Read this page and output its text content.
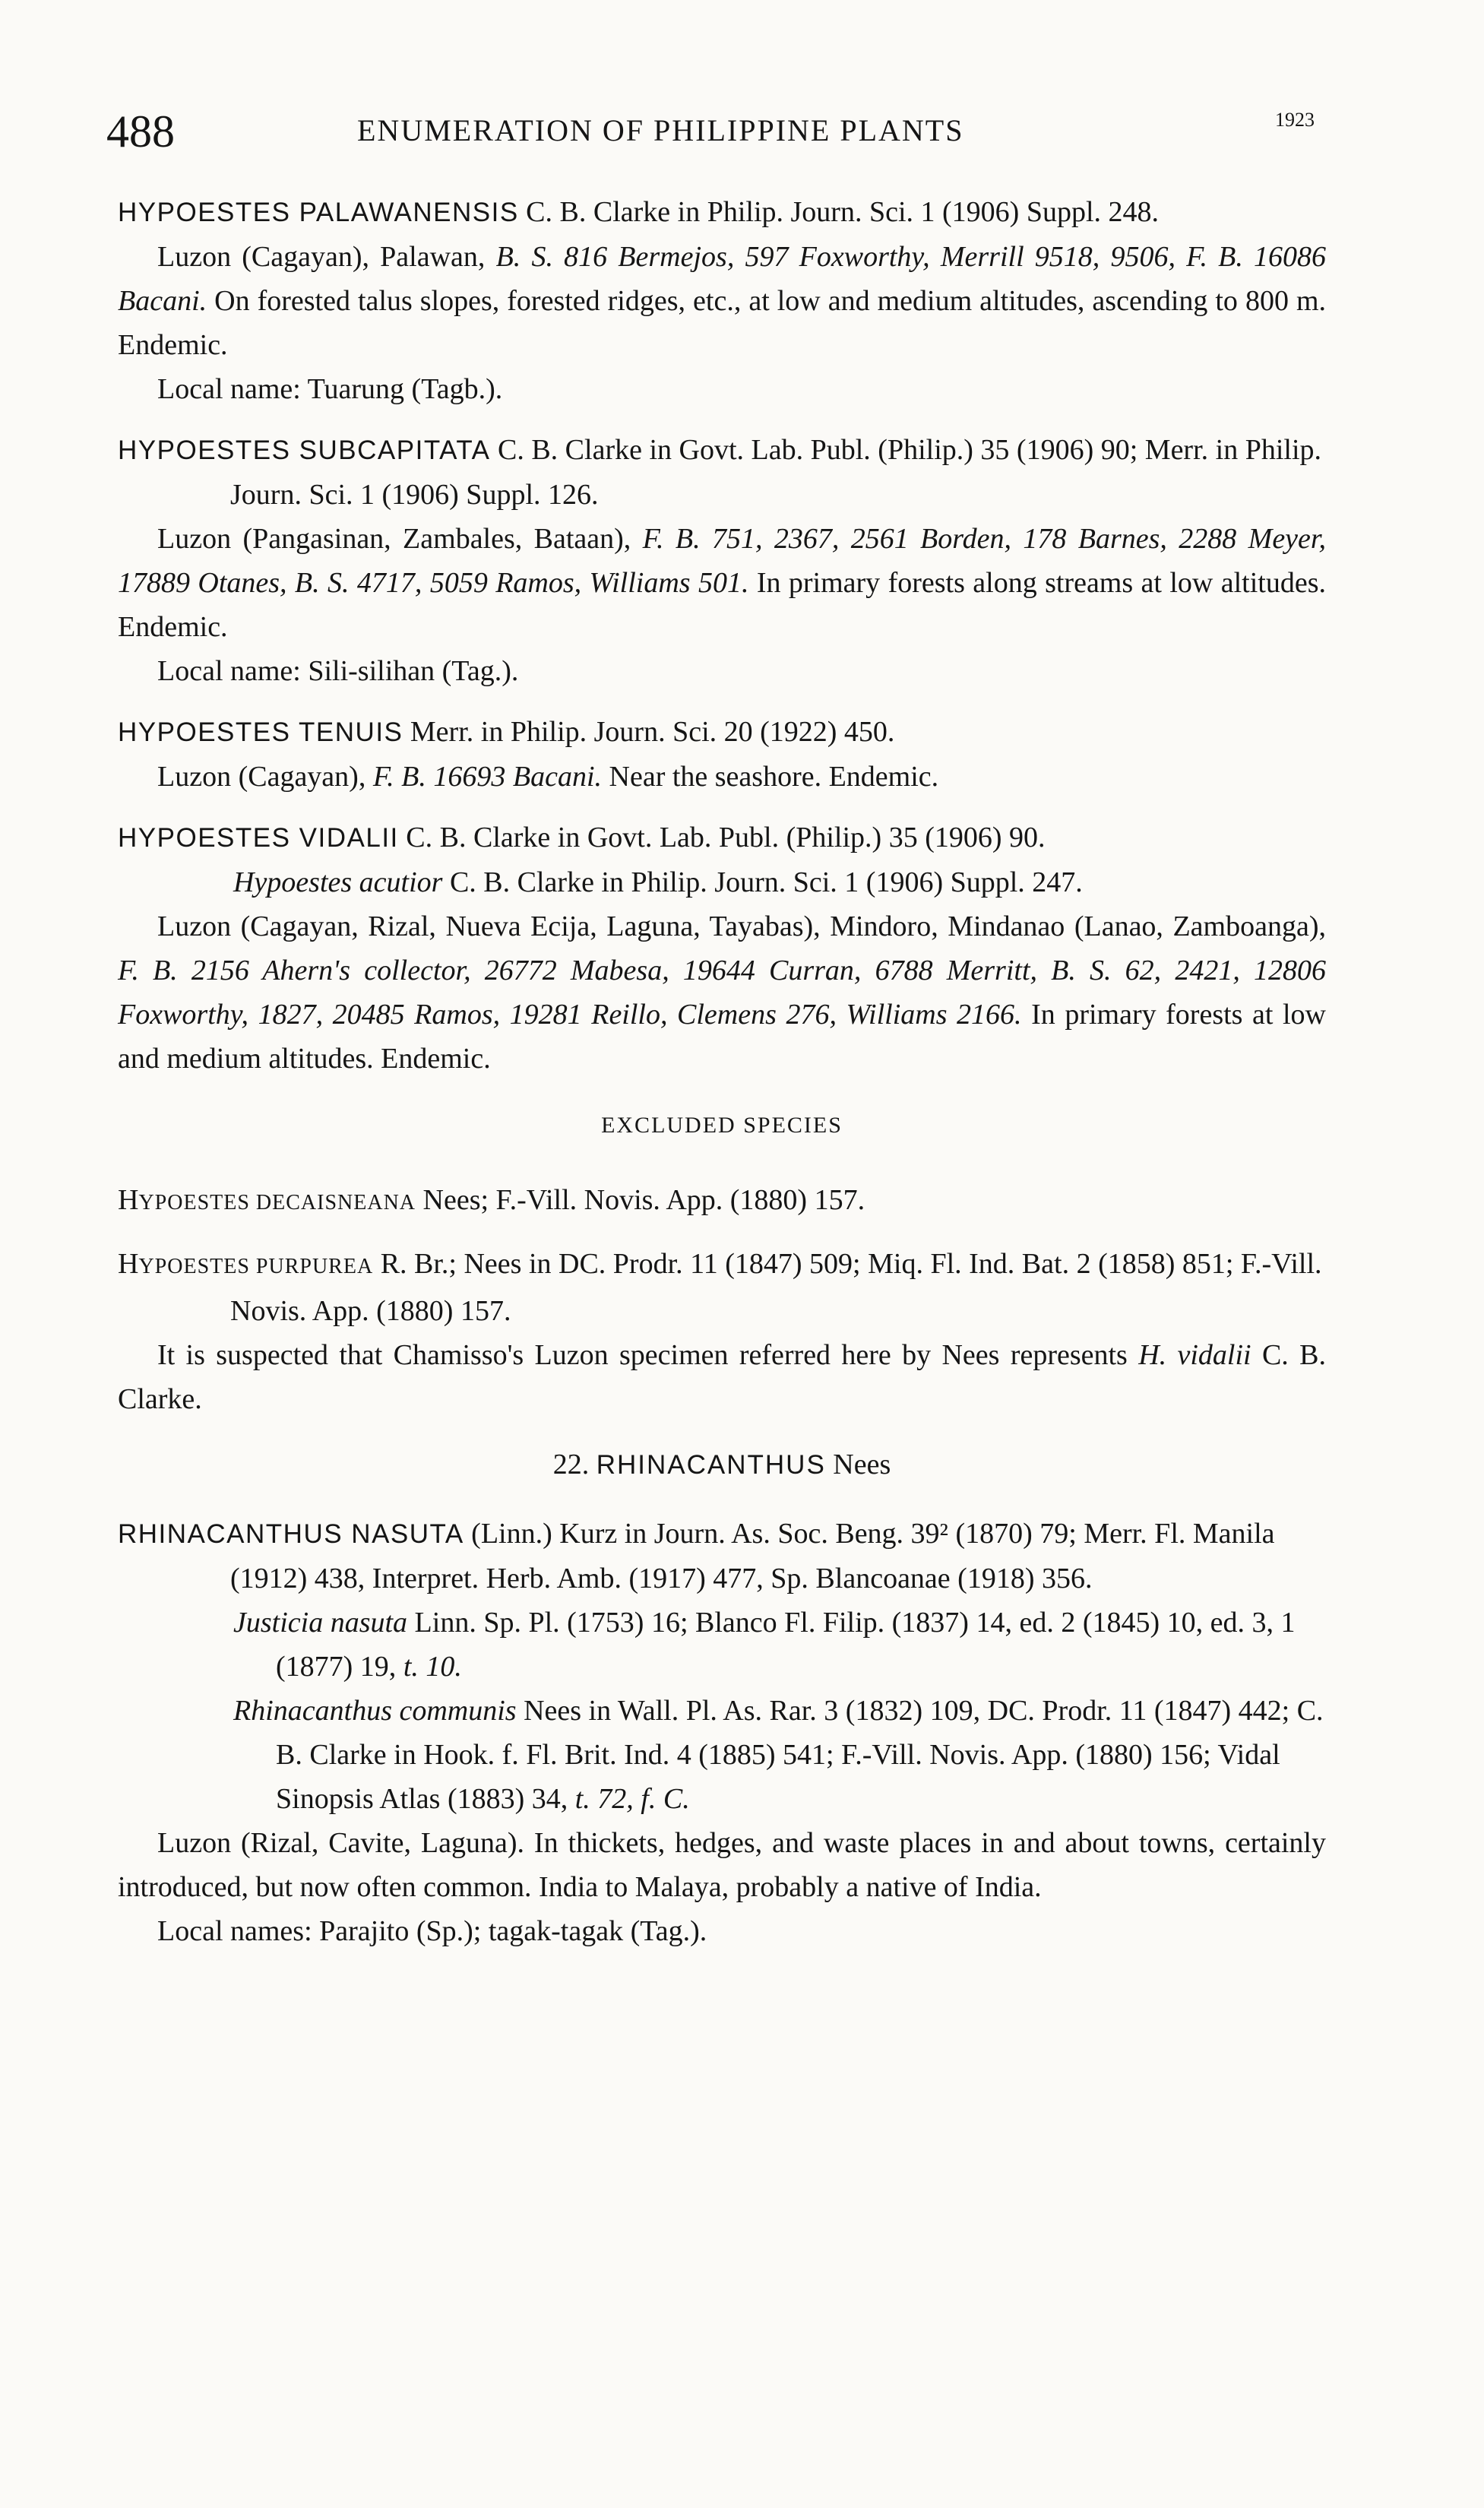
488	ENUMERATION OF PHILIPPINE PLANTS	1923

HYPOESTES PALAWANENSIS C. B. Clarke in Philip. Journ. Sci. 1 (1906) Suppl. 248.

Luzon (Cagayan), Palawan, B. S. 816 Bermejos, 597 Foxworthy, Merrill 9518, 9506, F. B. 16086 Bacani. On forested talus slopes, forested ridges, etc., at low and medium altitudes, ascending to 800 m. Endemic.

Local name: Tuarung (Tagb.).

HYPOESTES SUBCAPITATA C. B. Clarke in Govt. Lab. Publ. (Philip.) 35 (1906) 90; Merr. in Philip. Journ. Sci. 1 (1906) Suppl. 126.

Luzon (Pangasinan, Zambales, Bataan), F. B. 751, 2367, 2561 Borden, 178 Barnes, 2288 Meyer, 17889 Otanes, B. S. 4717, 5059 Ramos, Williams 501. In primary forests along streams at low altitudes. Endemic.

Local name: Sili-silihan (Tag.).

HYPOESTES TENUIS Merr. in Philip. Journ. Sci. 20 (1922) 450.

Luzon (Cagayan), F. B. 16693 Bacani. Near the seashore. Endemic.

HYPOESTES VIDALII C. B. Clarke in Govt. Lab. Publ. (Philip.) 35 (1906) 90.

Hypoestes acutior C. B. Clarke in Philip. Journ. Sci. 1 (1906) Suppl. 247.

Luzon (Cagayan, Rizal, Nueva Ecija, Laguna, Tayabas), Mindoro, Mindanao (Lanao, Zamboanga), F. B. 2156 Ahern's collector, 26772 Mabesa, 19644 Curran, 6788 Merritt, B. S. 62, 2421, 12806 Foxworthy, 1827, 20485 Ramos, 19281 Reillo, Clemens 276, Williams 2166. In primary forests at low and medium altitudes. Endemic.

EXCLUDED SPECIES

HYPOESTES DECAISNEANA Nees; F.-Vill. Novis. App. (1880) 157.

HYPOESTES PURPUREA R. Br.; Nees in DC. Prodr. 11 (1847) 509; Miq. Fl. Ind. Bat. 2 (1858) 851; F.-Vill. Novis. App. (1880) 157.

It is suspected that Chamisso's Luzon specimen referred here by Nees represents H. vidalii C. B. Clarke.

22. RHINACANTHUS Nees

RHINACANTHUS NASUTA (Linn.) Kurz in Journ. As. Soc. Beng. 39² (1870) 79; Merr. Fl. Manila (1912) 438, Interpret. Herb. Amb. (1917) 477, Sp. Blancoanae (1918) 356.

Justicia nasuta Linn. Sp. Pl. (1753) 16; Blanco Fl. Filip. (1837) 14, ed. 2 (1845) 10, ed. 3, 1 (1877) 19, t. 10.

Rhinacanthus communis Nees in Wall. Pl. As. Rar. 3 (1832) 109, DC. Prodr. 11 (1847) 442; C. B. Clarke in Hook. f. Fl. Brit. Ind. 4 (1885) 541; F.-Vill. Novis. App. (1880) 156; Vidal Sinopsis Atlas (1883) 34, t. 72, f. C.

Luzon (Rizal, Cavite, Laguna). In thickets, hedges, and waste places in and about towns, certainly introduced, but now often common. India to Malaya, probably a native of India.

Local names: Parajito (Sp.); tagak-tagak (Tag.).
